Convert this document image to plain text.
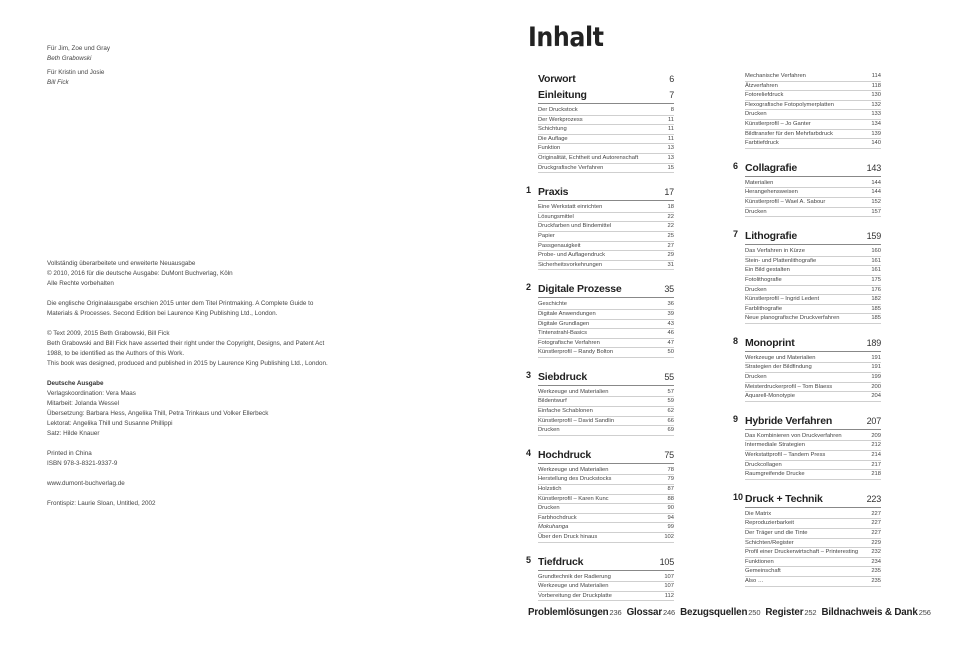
Für Jim, Zoe und Gray

Beth Grabowski

Für Kristin und Josie

Bill Fick

Vollständig überarbeitete und erweiterte Neuausgabe

© 2010, 2016 für die deutsche Ausgabe: DuMont Buchverlag, Köln

Alle Rechte vorbehalten

Die englische Originalausgabe erschien 2015 unter dem Titel Printmaking. A Complete Guide to

Materials & Processes. Second Edition bei Laurence King Publishing Ltd., London.

© Text 2009, 2015 Beth Grabowski, Bill Fick

Beth Grabowski and Bill Fick have asserted their right under the Copyright, Designs, and Patent Act

1988, to be identified as the Authors of this Work.

This book was designed, produced and published in 2015 by Laurence King Publishing Ltd., London.

Deutsche Ausgabe

Verlagskoordination: Vera Maas

Mitarbeit: Jolanda Wessel

Übersetzung: Barbara Hess, Angelika Thill, Petra Trinkaus und Volker Ellerbeck

Lektorat: Angelika Thill und Susanne Phillippi

Satz: Hilde Knauer

Printed in China

ISBN 978-3-8321-9337-9

www.dumont-buchverlag.de

Frontispiz: Laurie Sloan, Untitled, 2002

Inhalt
Vorwort	6
Einleitung	7
Der Druckstock	8
Der Werkprozess	11
Schichtung	11
Die Auflage	11
Funktion	13
Originalität, Echtheit und Autorenschaft	13
Druckgrafische Verfahren	15
1 Praxis	17
Eine Werkstatt einrichten	18
Lösungsmittel	22
Druckfarben und Bindemittel	22
Papier	25
Passgenauigkeit	27
Probe- und Auflagendruck	29
Sicherheitsvorkehrungen	31
2 Digitale Prozesse	35
Geschichte	36
Digitale Anwendungen	39
Digitale Grundlagen	43
Tintenstrahl-Basics	46
Fotografische Verfahren	47
Künstlerprofil – Randy Bolton	50
3 Siebdruck	55
Werkzeuge und Materialien	57
Bildentwurf	59
Einfache Schablonen	62
Künstlerprofil – David Sandlin	66
Drucken	69
4 Hochdruck	75
Werkzeuge und Materialien	78
Herstellung des Druckstocks	79
Holzstich	87
Künstlerprofil – Karen Kunc	88
Drucken	90
Farbhochdruck	94
Mokuhanga	99
Über den Druck hinaus	102
5 Tiefdruck	105
Grundtechnik der Radierung	107
Werkzeuge und Materialien	107
Vorbereitung der Druckplatte	112
Mechanische Verfahren	114
Ätzverfahren	118
Fotoreliefdruck	130
Flexografische Fotopolymerplatten	132
Drucken	133
Künstlerprofil – Jo Ganter	134
Bildtransfer für den Mehrfarbdruck	139
Farbtiefdruck	140
6 Collagrafie	143
Materialien	144
Herangehensweisen	144
Künstlerprofil – Wael A. Sabour	152
Drucken	157
7 Lithografie	159
Das Verfahren in Kürze	160
Stein- und Plattenlithografie	161
Ein Bild gestalten	161
Fotolithografie	175
Drucken	176
Künstlerprofil – Ingrid Ledent	182
Farblithografie	185
Neue planografische Druckverfahren	185
8 Monoprint	189
Werkzeuge und Materialien	191
Strategien der Bildfindung	191
Drucken	199
Meisterdruckerprofil – Tom Blaess	200
Aquarell-Monotypie	204
9 Hybride Verfahren	207
Das Kombinieren von Druckverfahren	209
Intermediale Strategien	212
Werkstattprofil – Tandem Press	214
Druckcollagen	217
Raumgreifende Drucke	218
10 Druck + Technik	223
Die Matrix	227
Reproduzierbarkeit	227
Der Träger und die Tinte	227
Schichten/Register	229
Profil einer Druckerwirtschaft – Printeresting	232
Funktionen	234
Gemeinschaft	235
Also …	235
Problemlösungen236 Glossar246 Bezugsquellen250 Register252 Bildnachweis & Dank256
